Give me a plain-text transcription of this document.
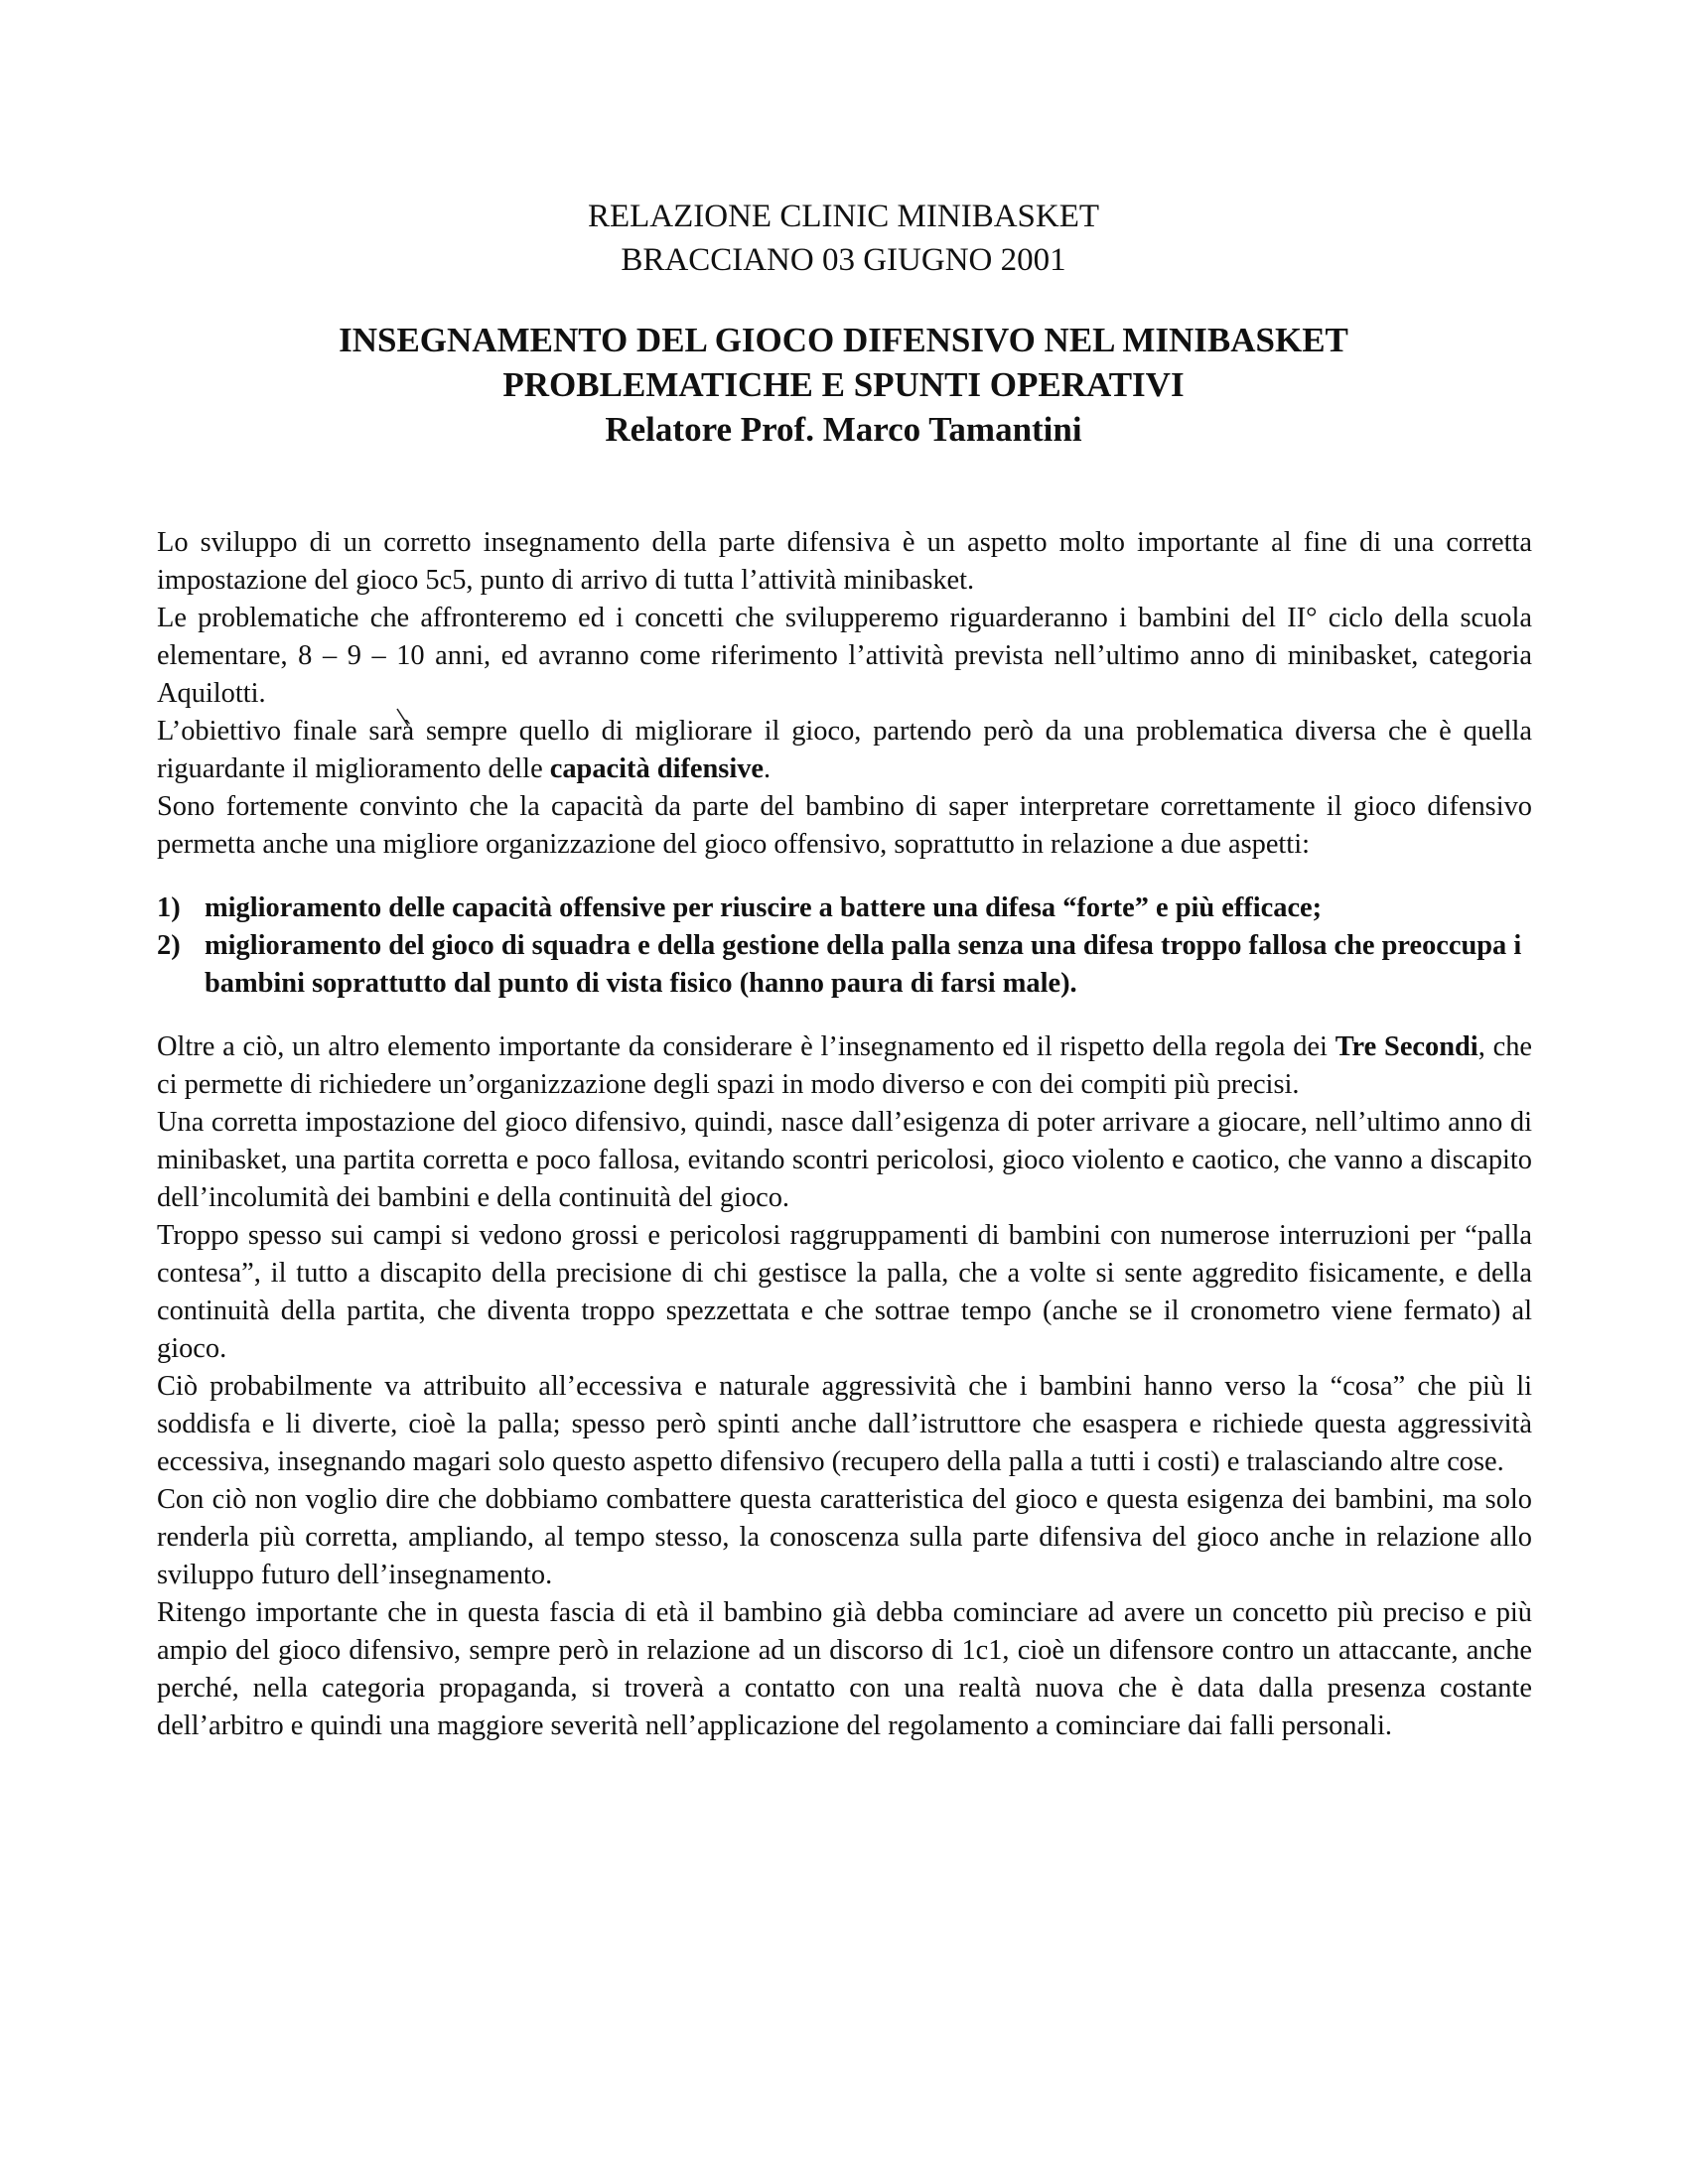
RELAZIONE CLINIC MINIBASKET

BRACCIANO 03 GIUGNO 2001

INSEGNAMENTO DEL GIOCO DIFENSIVO NEL MINIBASKET

PROBLEMATICHE E SPUNTI OPERATIVI

Relatore Prof. Marco Tamantini

Lo sviluppo di un corretto insegnamento della parte difensiva è un aspetto molto importante al fine di una corretta impostazione del gioco 5c5, punto di arrivo di tutta l’attività minibasket.

Le problematiche che affronteremo ed i concetti che svilupperemo riguarderanno i bambini del II° ciclo della scuola elementare, 8 – 9 – 10 anni, ed avranno come riferimento l’attività prevista nell’ultimo anno di minibasket, categoria Aquilotti.

L’obiettivo finale sarà sempre quello di migliorare il gioco, partendo però da una problematica diversa che è quella riguardante il miglioramento delle capacità difensive.

Sono fortemente convinto che la capacità da parte del bambino di saper interpretare correttamente il gioco difensivo permetta anche una migliore organizzazione del gioco offensivo, soprattutto in relazione a due aspetti:

1) miglioramento delle capacità offensive per riuscire a battere una difesa “forte” e più efficace;
2) miglioramento del gioco di squadra e della gestione della palla senza una difesa troppo fallosa che preoccupa i bambini soprattutto dal punto di vista fisico (hanno paura di farsi male).

Oltre a ciò, un altro elemento importante da considerare è l’insegnamento ed il rispetto della regola dei Tre Secondi, che ci permette di richiedere un’organizzazione degli spazi in modo diverso e con dei compiti più precisi.

Una corretta impostazione del gioco difensivo, quindi, nasce dall’esigenza di poter arrivare a giocare, nell’ultimo anno di minibasket, una partita corretta e poco fallosa, evitando scontri pericolosi, gioco violento e caotico, che vanno a discapito dell’incolumità dei bambini e della continuità del gioco.

Troppo spesso sui campi si vedono grossi e pericolosi raggruppamenti di bambini con numerose interruzioni per “palla contesa”, il tutto a discapito della precisione di chi gestisce la palla, che a volte si sente aggredito fisicamente, e della continuità della partita, che diventa troppo spezzettata e che sottrae tempo (anche se il cronometro viene fermato) al gioco.

Ciò probabilmente va attribuito all’eccessiva e naturale aggressività che i bambini hanno verso la “cosa” che più li soddisfa e li diverte, cioè la palla; spesso però spinti anche dall’istruttore che esaspera e richiede questa aggressività eccessiva, insegnando magari solo questo aspetto difensivo (recupero della palla a tutti i costi) e tralasciando altre cose.

Con ciò non voglio dire che dobbiamo combattere questa caratteristica del gioco e questa esigenza dei bambini, ma solo renderla più corretta, ampliando, al tempo stesso, la conoscenza sulla parte difensiva del gioco anche in relazione allo sviluppo futuro dell’insegnamento.

Ritengo importante che in questa fascia di età il bambino già debba cominciare ad avere un concetto più preciso e più ampio del gioco difensivo, sempre però in relazione ad un discorso di 1c1, cioè un difensore contro un attaccante, anche perché, nella categoria propaganda, si troverà a contatto con una realtà nuova che è data dalla presenza costante dell’arbitro e quindi una maggiore severità nell’applicazione del regolamento a cominciare dai falli personali.
